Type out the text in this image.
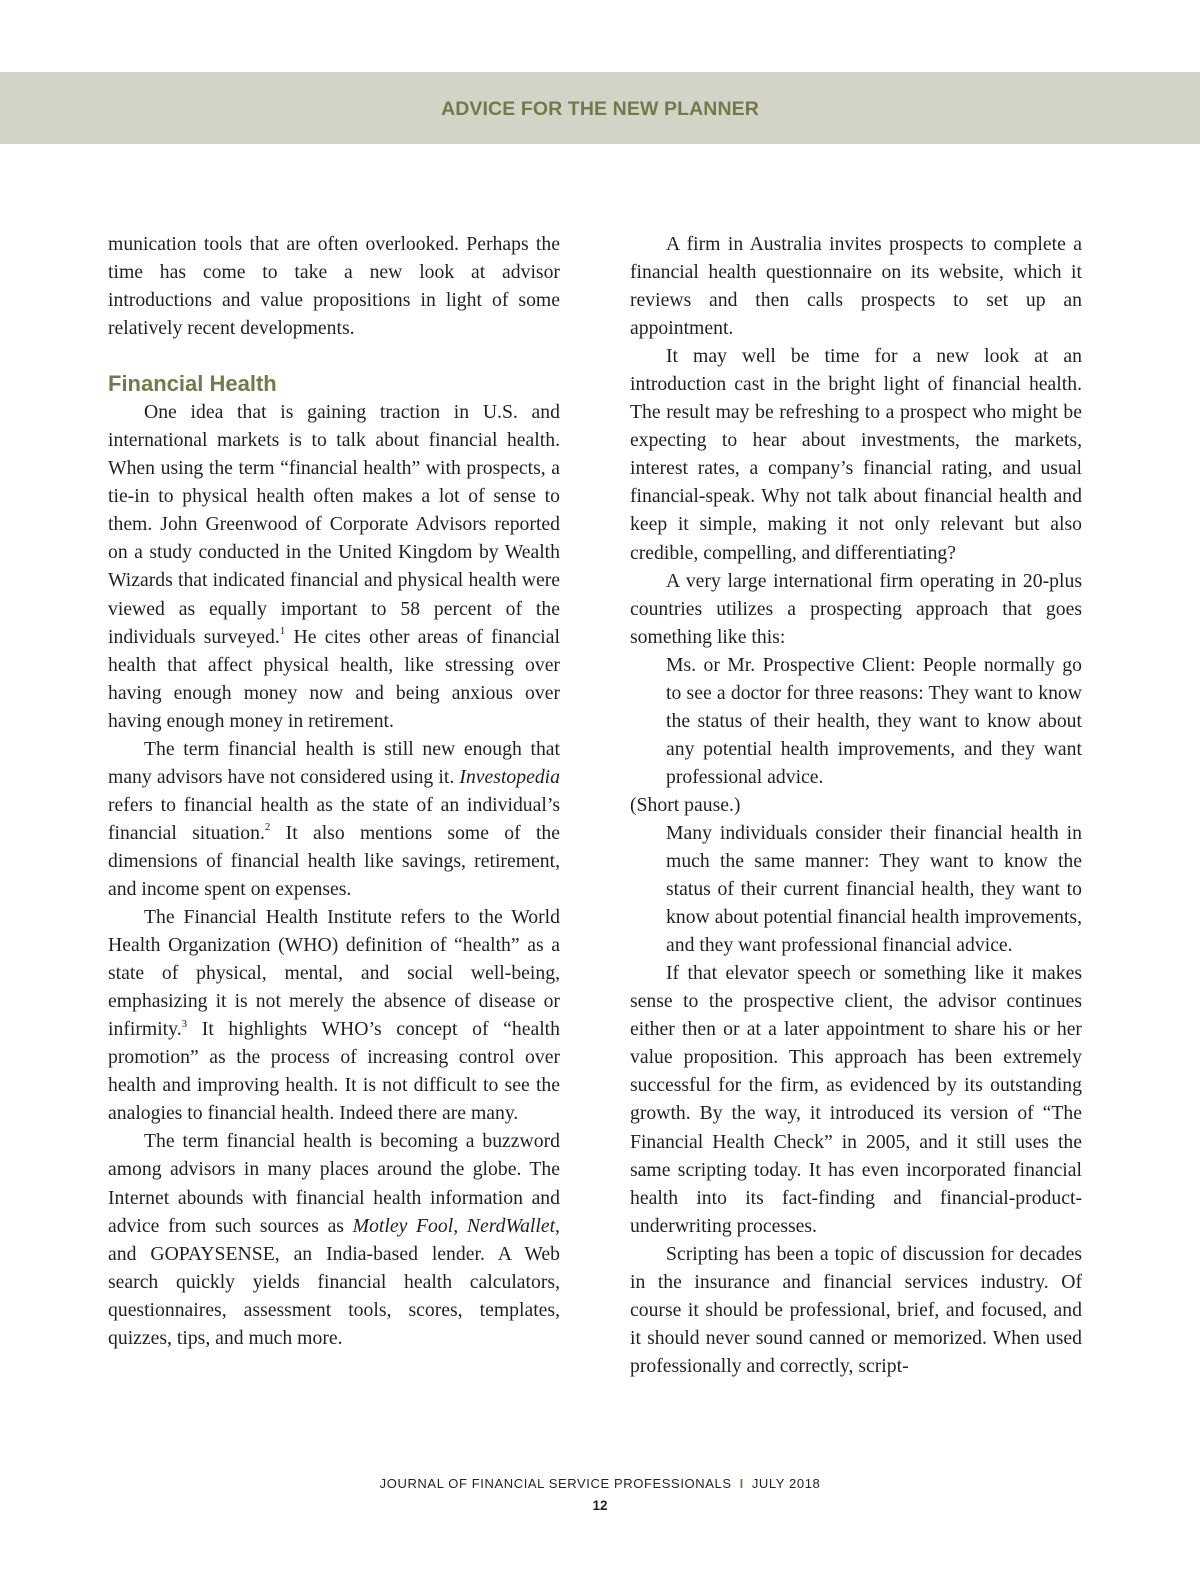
ADVICE FOR THE NEW PLANNER

munication tools that are often overlooked. Perhaps the time has come to take a new look at advisor introductions and value propositions in light of some relatively recent developments.

Financial Health

One idea that is gaining traction in U.S. and international markets is to talk about financial health. When using the term “financial health” with prospects, a tie-in to physical health often makes a lot of sense to them. John Greenwood of Corporate Advisors reported on a study conducted in the United Kingdom by Wealth Wizards that indicated financial and physical health were viewed as equally important to 58 percent of the individuals surveyed.$^1$ He cites other areas of financial health that affect physical health, like stressing over having enough money now and being anxious over having enough money in retirement.

The term financial health is still new enough that many advisors have not considered using it. Investopedia refers to financial health as the state of an individual’s financial situation.$^2$ It also mentions some of the dimensions of financial health like savings, retirement, and income spent on expenses.

The Financial Health Institute refers to the World Health Organization (WHO) definition of “health” as a state of physical, mental, and social well-being, emphasizing it is not merely the absence of disease or infirmity.$^3$ It highlights WHO’s concept of “health promotion” as the process of increasing control over health and improving health. It is not difficult to see the analogies to financial health. Indeed there are many.

The term financial health is becoming a buzzword among advisors in many places around the globe. The Internet abounds with financial health information and advice from such sources as Motley Fool, NerdWallet, and GOPAYSENSE, an India-based lender. A Web search quickly yields financial health calculators, questionnaires, assessment tools, scores, templates, quizzes, tips, and much more.

A firm in Australia invites prospects to complete a financial health questionnaire on its website, which it reviews and then calls prospects to set up an appointment.

It may well be time for a new look at an introduction cast in the bright light of financial health. The result may be refreshing to a prospect who might be expecting to hear about investments, the markets, interest rates, a company’s financial rating, and usual financial-speak. Why not talk about financial health and keep it simple, making it not only relevant but also credible, compelling, and differentiating?

A very large international firm operating in 20-plus countries utilizes a prospecting approach that goes something like this:

Ms. or Mr. Prospective Client: People normally go to see a doctor for three reasons: They want to know the status of their health, they want to know about any potential health improvements, and they want professional advice.

(Short pause.)

Many individuals consider their financial health in much the same manner: They want to know the status of their current financial health, they want to know about potential financial health improvements, and they want professional financial advice.

If that elevator speech or something like it makes sense to the prospective client, the advisor continues either then or at a later appointment to share his or her value proposition. This approach has been extremely successful for the firm, as evidenced by its outstanding growth. By the way, it introduced its version of “The Financial Health Check” in 2005, and it still uses the same scripting today. It has even incorporated financial health into its fact-finding and financial-product-underwriting processes.

Scripting has been a topic of discussion for decades in the insurance and financial services industry. Of course it should be professional, brief, and focused, and it should never sound canned or memorized. When used professionally and correctly, script-

JOURNAL OF FINANCIAL SERVICE PROFESSIONALS I JULY 2018
12
